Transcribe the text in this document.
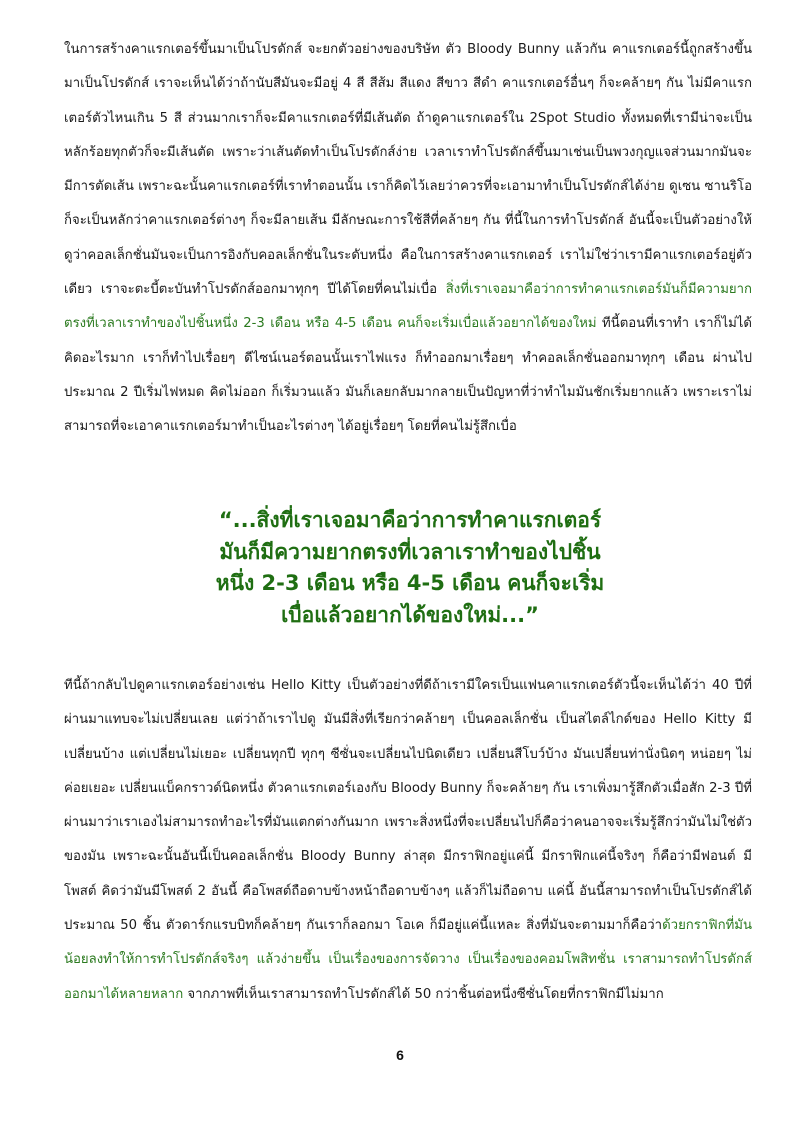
ในการสร้างคาแรกเตอร์ขึ้นมาเป็นโปรดักส์ จะยกตัวอย่างของบริษัท ตัว Bloody Bunny แล้วกัน คาแรกเตอร์นี้ถูกสร้างขึ้นมาเป็นโปรดักส์ เราจะเห็นได้ว่าถ้านับสีมันจะมีอยู่ 4 สี สีส้ม สีแดง สีขาว สีดำ คาแรกเตอร์อื่นๆ ก็จะคล้ายๆ กัน ไม่มีคาแรกเตอร์ตัวไหนเกิน 5 สี ส่วนมากเราก็จะมีคาแรกเตอร์ที่มีเส้นตัด ถ้าดูคาแรกเตอร์ใน 2Spot Studio ทั้งหมดที่เรามีน่าจะเป็นหลักร้อยทุกตัวก็จะมีเส้นตัด เพราะว่าเส้นตัดทำเป็นโปรดักส์ง่าย เวลาเราทำโปรดักส์ขึ้นมาเช่นเป็นพวงกุญแจส่วนมากมันจะมีการตัดเส้น เพราะฉะนั้นคาแรกเตอร์ที่เราทำตอนนั้น เราก็คิดไว้เลยว่าควรที่จะเอามาทำเป็นโปรดักส์ได้ง่าย ดูเซน ซานริโอ ก็จะเป็นหลักว่าคาแรกเตอร์ต่างๆ ก็จะมีลายเส้น มีลักษณะการใช้สีที่คล้ายๆ กัน ที่นี้ในการทำโปรดักส์ อันนี้จะเป็นตัวอย่างให้ดูว่าคอลเล็กชั่นมันจะเป็นการอิงกับคอลเล็กชั่นในระดับหนึ่ง คือในการสร้างคาแรกเตอร์ เราไม่ใช่ว่าเรามีคาแรกเตอร์อยู่ตัวเดียว เราจะตะบี้ตะบันทำโปรดักส์ออกมาทุกๆ ปีได้โดยที่คนไม่เบื่อ สิ่งที่เราเจอมาคือว่าการทำคาแรกเตอร์มันก็มีความยากตรงที่เวลาเราทำของไปชิ้นหนึ่ง 2-3 เดือน หรือ 4-5 เดือน คนก็จะเริ่มเบื่อแล้วอยากได้ของใหม่ ทีนี้ตอนที่เราทำ เราก็ไม่ได้คิดอะไรมาก เราก็ทำไปเรื่อยๆ ดีไซน์เนอร์ตอนนั้นเราไฟแรง ก็ทำออกมาเรื่อยๆ ทำคอลเล็กชั่นออกมาทุกๆ เดือน ผ่านไปประมาณ 2 ปีเริ่มไฟหมด คิดไม่ออก ก็เริ่มวนแล้ว มันก็เลยกลับมากลายเป็นปัญหาที่ว่าทำไมมันชักเริ่มยากแล้ว เพราะเราไม่สามารถที่จะเอาคาแรกเตอร์มาทำเป็นอะไรต่างๆ ได้อยู่เรื่อยๆ โดยที่คนไม่รู้สึกเบื่อ

“...สิ่งที่เราเจอมาคือว่าการทำคาแรกเตอร์
มันก็มีความยากตรงที่เวลาเราทำของไปชิ้น
หนึ่ง 2-3 เดือน หรือ 4-5 เดือน คนก็จะเริ่ม
เบื่อแล้วอยากได้ของใหม่...”

ทีนี้ถ้ากลับไปดูคาแรกเตอร์อย่างเช่น Hello Kitty เป็นตัวอย่างที่ดีถ้าเรามีใครเป็นแฟนคาแรกเตอร์ตัวนี้จะเห็นได้ว่า 40 ปีที่ผ่านมาแทบจะไม่เปลี่ยนเลย แต่ว่าถ้าเราไปดู มันมีสิ่งที่เรียกว่าคล้ายๆ เป็นคอลเล็กชั่น เป็นสไตล์ไกด์ของ Hello Kitty มีเปลี่ยนบ้าง แต่เปลี่ยนไม่เยอะ เปลี่ยนทุกปี ทุกๆ ซีซั่นจะเปลี่ยนไปนิดเดียว เปลี่ยนสีโบว์บ้าง มันเปลี่ยนท่านั่งนิดๆ หน่อยๆ ไม่ค่อยเยอะ เปลี่ยนแบ็คกราวด์นิดหนึ่ง ตัวคาแรกเตอร์เองกับ Bloody Bunny ก็จะคล้ายๆ กัน เราเพิ่งมารู้สึกตัวเมื่อสัก 2-3 ปีที่ผ่านมาว่าเราเองไม่สามารถทำอะไรที่มันแตกต่างกันมาก เพราะสิ่งหนึ่งที่จะเปลี่ยนไปก็คือว่าคนอาจจะเริ่มรู้สึกว่ามันไม่ใช่ตัวของมัน เพราะฉะนั้นอันนี้เป็นคอลเล็กชั่น Bloody Bunny ล่าสุด มีกราฟิกอยู่แค่นี้ มีกราฟิกแค่นี้จริงๆ ก็คือว่ามีฟอนต์ มีโพสต์ คิดว่ามันมีโพสต์ 2 อันนี้ คือโพสต์ถือดาบข้างหน้าถือดาบข้างๆ แล้วก็ไม่ถือดาบ แค่นี้ อันนี้สามารถทำเป็นโปรดักส์ได้ประมาณ 50 ชิ้น ตัวดาร์กแรบบิทก็คล้ายๆ กันเราก็ลอกมา โอเค ก็มีอยู่แค่นี้แหละ สิ่งที่มันจะตามมาก็คือว่าด้วยกราฟิกที่มันน้อยลงทำให้การทำโปรดักส์จริงๆ แล้วง่ายขึ้น เป็นเรื่องของการจัดวาง เป็นเรื่องของคอมโพสิทชั่น เราสามารถทำโปรดักส์ออกมาได้หลายหลาก จากภาพที่เห็นเราสามารถทำโปรดักส์ได้ 50 กว่าชิ้นต่อหนึ่งซีซั่นโดยที่กราฟิกมีไม่มาก

6
